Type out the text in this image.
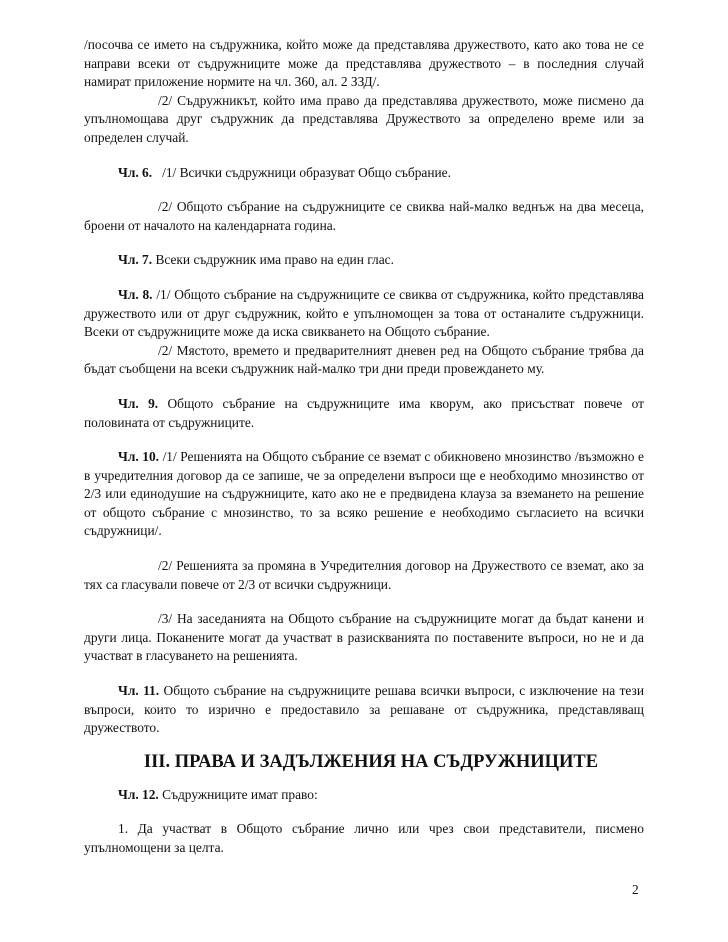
/посочва се името на съдружника, който може да представлява дружеството, като ако това не се направи всеки от съдружниците може да представлява дружеството – в последния случай намират приложение нормите на чл. 360, ал. 2 ЗЗД/.

/2/ Съдружникът, който има право да представлява дружеството, може писмено да упълномощава друг съдружник да представлява Дружеството за определено време или за определен случай.

Чл. 6. /1/ Всички съдружници образуват Общо събрание.

/2/ Общото събрание на съдружниците се свиква най-малко веднъж на два месеца, броени от началото на календарната година.

Чл. 7. Всеки съдружник има право на един глас.

Чл. 8. /1/ Общото събрание на съдружниците се свиква от съдружника, който представлява дружеството или от друг съдружник, който е упълномощен за това от останалите съдружници. Всеки от съдружниците може да иска свикването на Общото събрание.

/2/ Мястото, времето и предварителният дневен ред на Общото събрание трябва да бъдат съобщени на всеки съдружник най-малко три дни преди провеждането му.

Чл. 9. Общото събрание на съдружниците има кворум, ако присъстват повече от половината от съдружниците.

Чл. 10. /1/ Решенията на Общото събрание се вземат с обикновено мнозинство /възможно е в учредителния договор да се запише, че за определени въпроси ще е необходимо мнозинство от 2/3 или единодушие на съдружниците, като ако не е предвидена клауза за вземането на решение от общото събрание с мнозинство, то за всяко решение е необходимо съгласието на всички съдружници/.

/2/ Решенията за промяна в Учредителния договор на Дружеството се вземат, ако за тях са гласували повече от 2/3 от всички съдружници.

/3/ На заседанията на Общото събрание на съдружниците могат да бъдат канени и други лица. Поканените могат да участват в разискванията по поставените въпроси, но не и да участват в гласуването на решенията.

Чл. 11. Общото събрание на съдружниците решава всички въпроси, с изключение на тези въпроси, които то изрично е предоставило за решаване от съдружника, представляващ дружеството.

III. ПРАВА И ЗАДЪЛЖЕНИЯ НА СЪДРУЖНИЦИТЕ

Чл. 12. Съдружниците имат право:

1. Да участват в Общото събрание лично или чрез свои представители, писмено упълномощени за целта.

2
